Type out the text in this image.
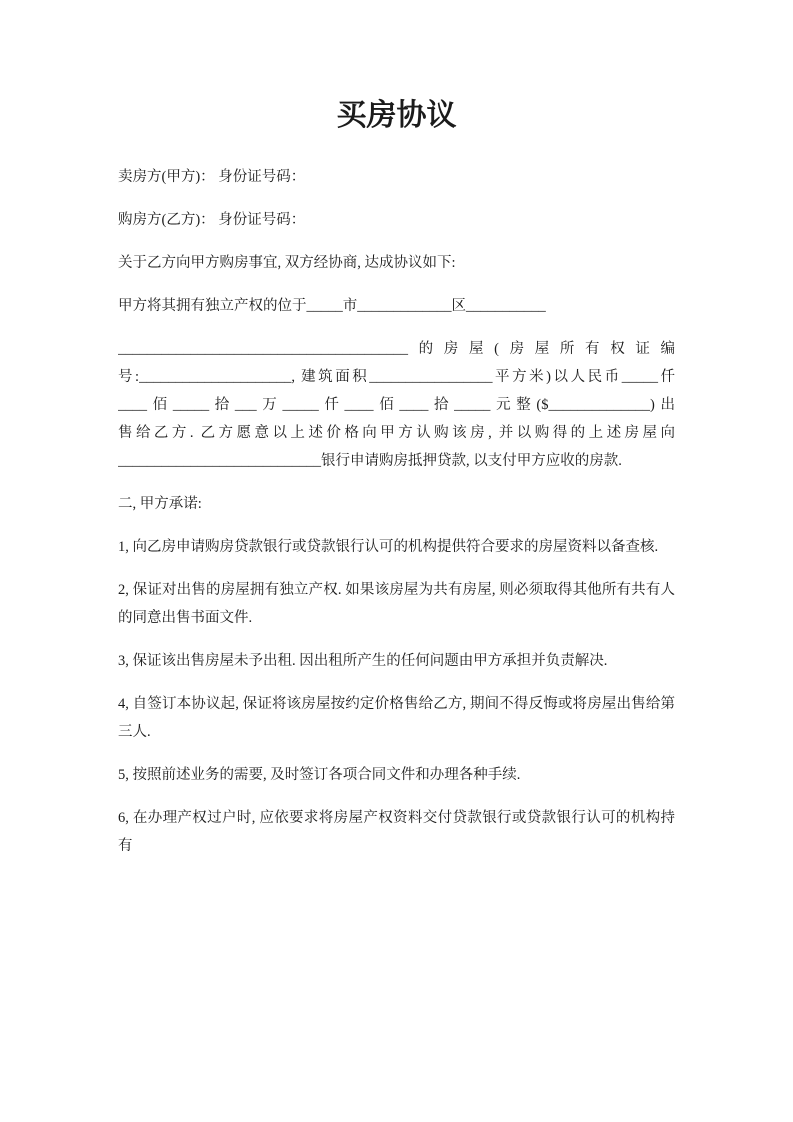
买房协议

卖房方(甲方)： 身份证号码：

购房方(乙方)： 身份证号码：

关于乙方向甲方购房事宜, 双方经协商, 达成协议如下:

甲方将其拥有独立产权的位于_____市_____________区___________

________________________________________的房屋(房屋所有权证编
号:_____________________, 建筑面积_________________平方米)以人民币_____仟
____佰_____拾___万_____仟____佰____拾_____元整($______________)出
售给乙方. 乙方愿意以上述价格向甲方认购该房, 并以购得的上述房屋向
____________________________银行申请购房抵押贷款, 以支付甲方应收的房款.

二, 甲方承诺:

1, 向乙房申请购房贷款银行或贷款银行认可的机构提供符合要求的房屋资料以备查核.

2, 保证对出售的房屋拥有独立产权. 如果该房屋为共有房屋, 则必须取得其他所有共有人的同意出售书面文件.

3, 保证该出售房屋未予出租. 因出租所产生的任何问题由甲方承担并负责解决.

4, 自签订本协议起, 保证将该房屋按约定价格售给乙方, 期间不得反悔或将房屋出售给第三人.

5, 按照前述业务的需要, 及时签订各项合同文件和办理各种手续.

6, 在办理产权过户时, 应依要求将房屋产权资料交付贷款银行或贷款银行认可的机构持有
